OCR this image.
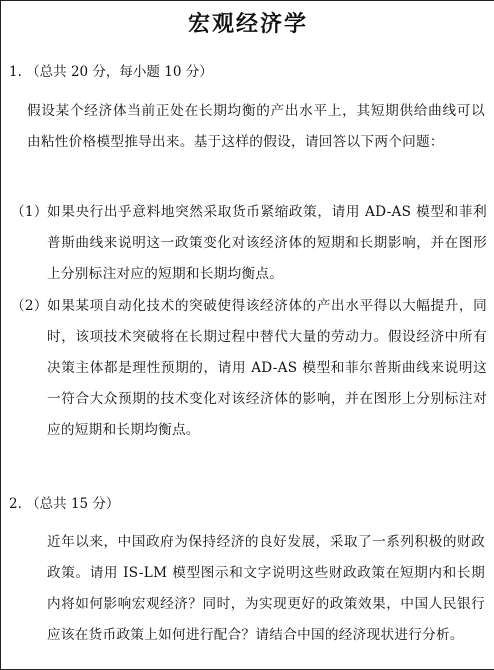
宏观经济学
1. （总共 20 分，每小题 10 分）
假设某个经济体当前正处在长期均衡的产出水平上，其短期供给曲线可以由粘性价格模型推导出来。基于这样的假设，请回答以下两个问题：
（1） 如果央行出乎意料地突然采取货币紧缩政策，请用 AD-AS 模型和菲利普斯曲线来说明这一政策变化对该经济体的短期和长期影响，并在图形上分别标注对应的短期和长期均衡点。
（2） 如果某项自动化技术的突破使得该经济体的产出水平得以大幅提升，同时，该项技术突破将在长期过程中替代大量的劳动力。假设经济中所有决策主体都是理性预期的，请用 AD-AS 模型和菲尔普斯曲线来说明这一符合大众预期的技术变化对该经济体的影响，并在图形上分别标注对应的短期和长期均衡点。
2. （总共 15 分）
近年以来，中国政府为保持经济的良好发展，采取了一系列积极的财政政策。请用 IS-LM 模型图示和文字说明这些财政政策在短期内和长期内将如何影响宏观经济？同时，为实现更好的政策效果，中国人民银行应该在货币政策上如何进行配合？请结合中国的经济现状进行分析。
